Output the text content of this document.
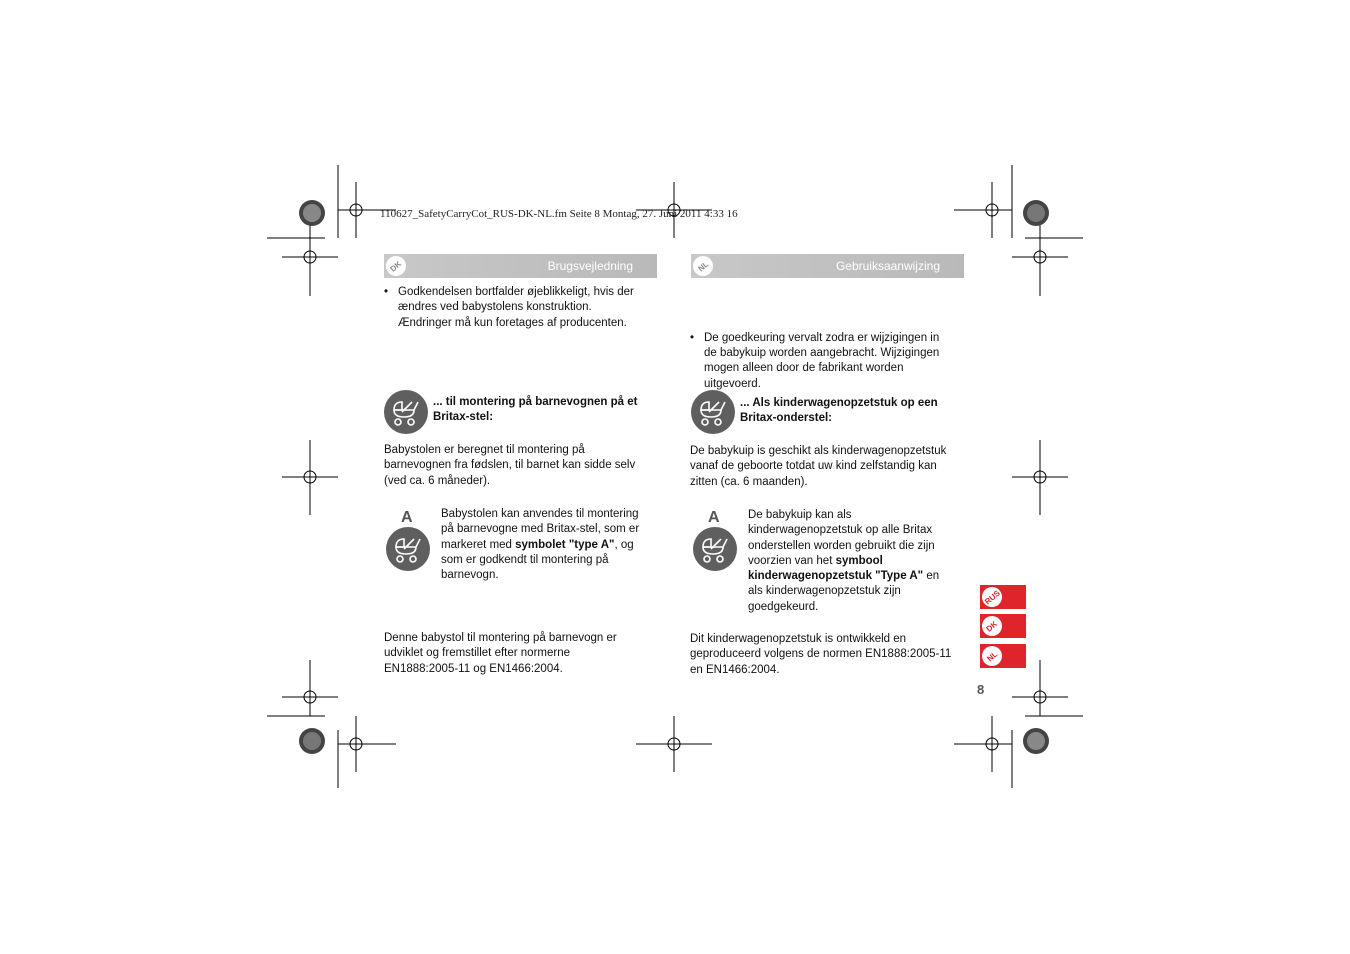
110627_SafetyCarryCot_RUS-DK-NL.fm Seite 8 Montag, 27. Juni 2011 4:33 16
DK	Brugsvejledning
• Godkendelsen bortfalder øjeblikkeligt, hvis der
ændres ved babystolens konstruktion.
Ændringer må kun foretages af producenten.
... til montering på barnevognen på et
Britax-stel:
Babystolen er beregnet til montering på
barnevognen fra fødslen, til barnet kan sidde selv
(ved ca. 6 måneder).
A Babystolen kan anvendes til montering
på barnevogne med Britax-stel, som er
markeret med symbolet "type A", og
som er godkendt til montering på
barnevogn.
Denne babystol til montering på barnevogn er
udviklet og fremstillet efter normerne
EN1888:2005-11 og EN1466:2004.
NL	Gebruiksaanwijzing
• De goedkeuring vervalt zodra er wijzigingen in
de babykuip worden aangebracht. Wijzigingen
mogen alleen door de fabrikant worden
uitgevoerd.
... Als kinderwagenopzetstuk op een
Britax-onderstel:
De babykuip is geschikt als kinderwagenopzetstuk
vanaf de geboorte totdat uw kind zelfstandig kan
zitten (ca. 6 maanden).
A De babykuip kan als
kinderwagenopzetstuk op alle Britax
onderstellen worden gebruikt die zijn
voorzien van het symbool
kinderwagenopzetstuk "Type A" en
als kinderwagenopzetstuk zijn
goedgekeurd.
Dit kinderwagenopzetstuk is ontwikkeld en
geproduceerd volgens de normen EN1888:2005-11
en EN1466:2004.
RUS
DK
NL
8
